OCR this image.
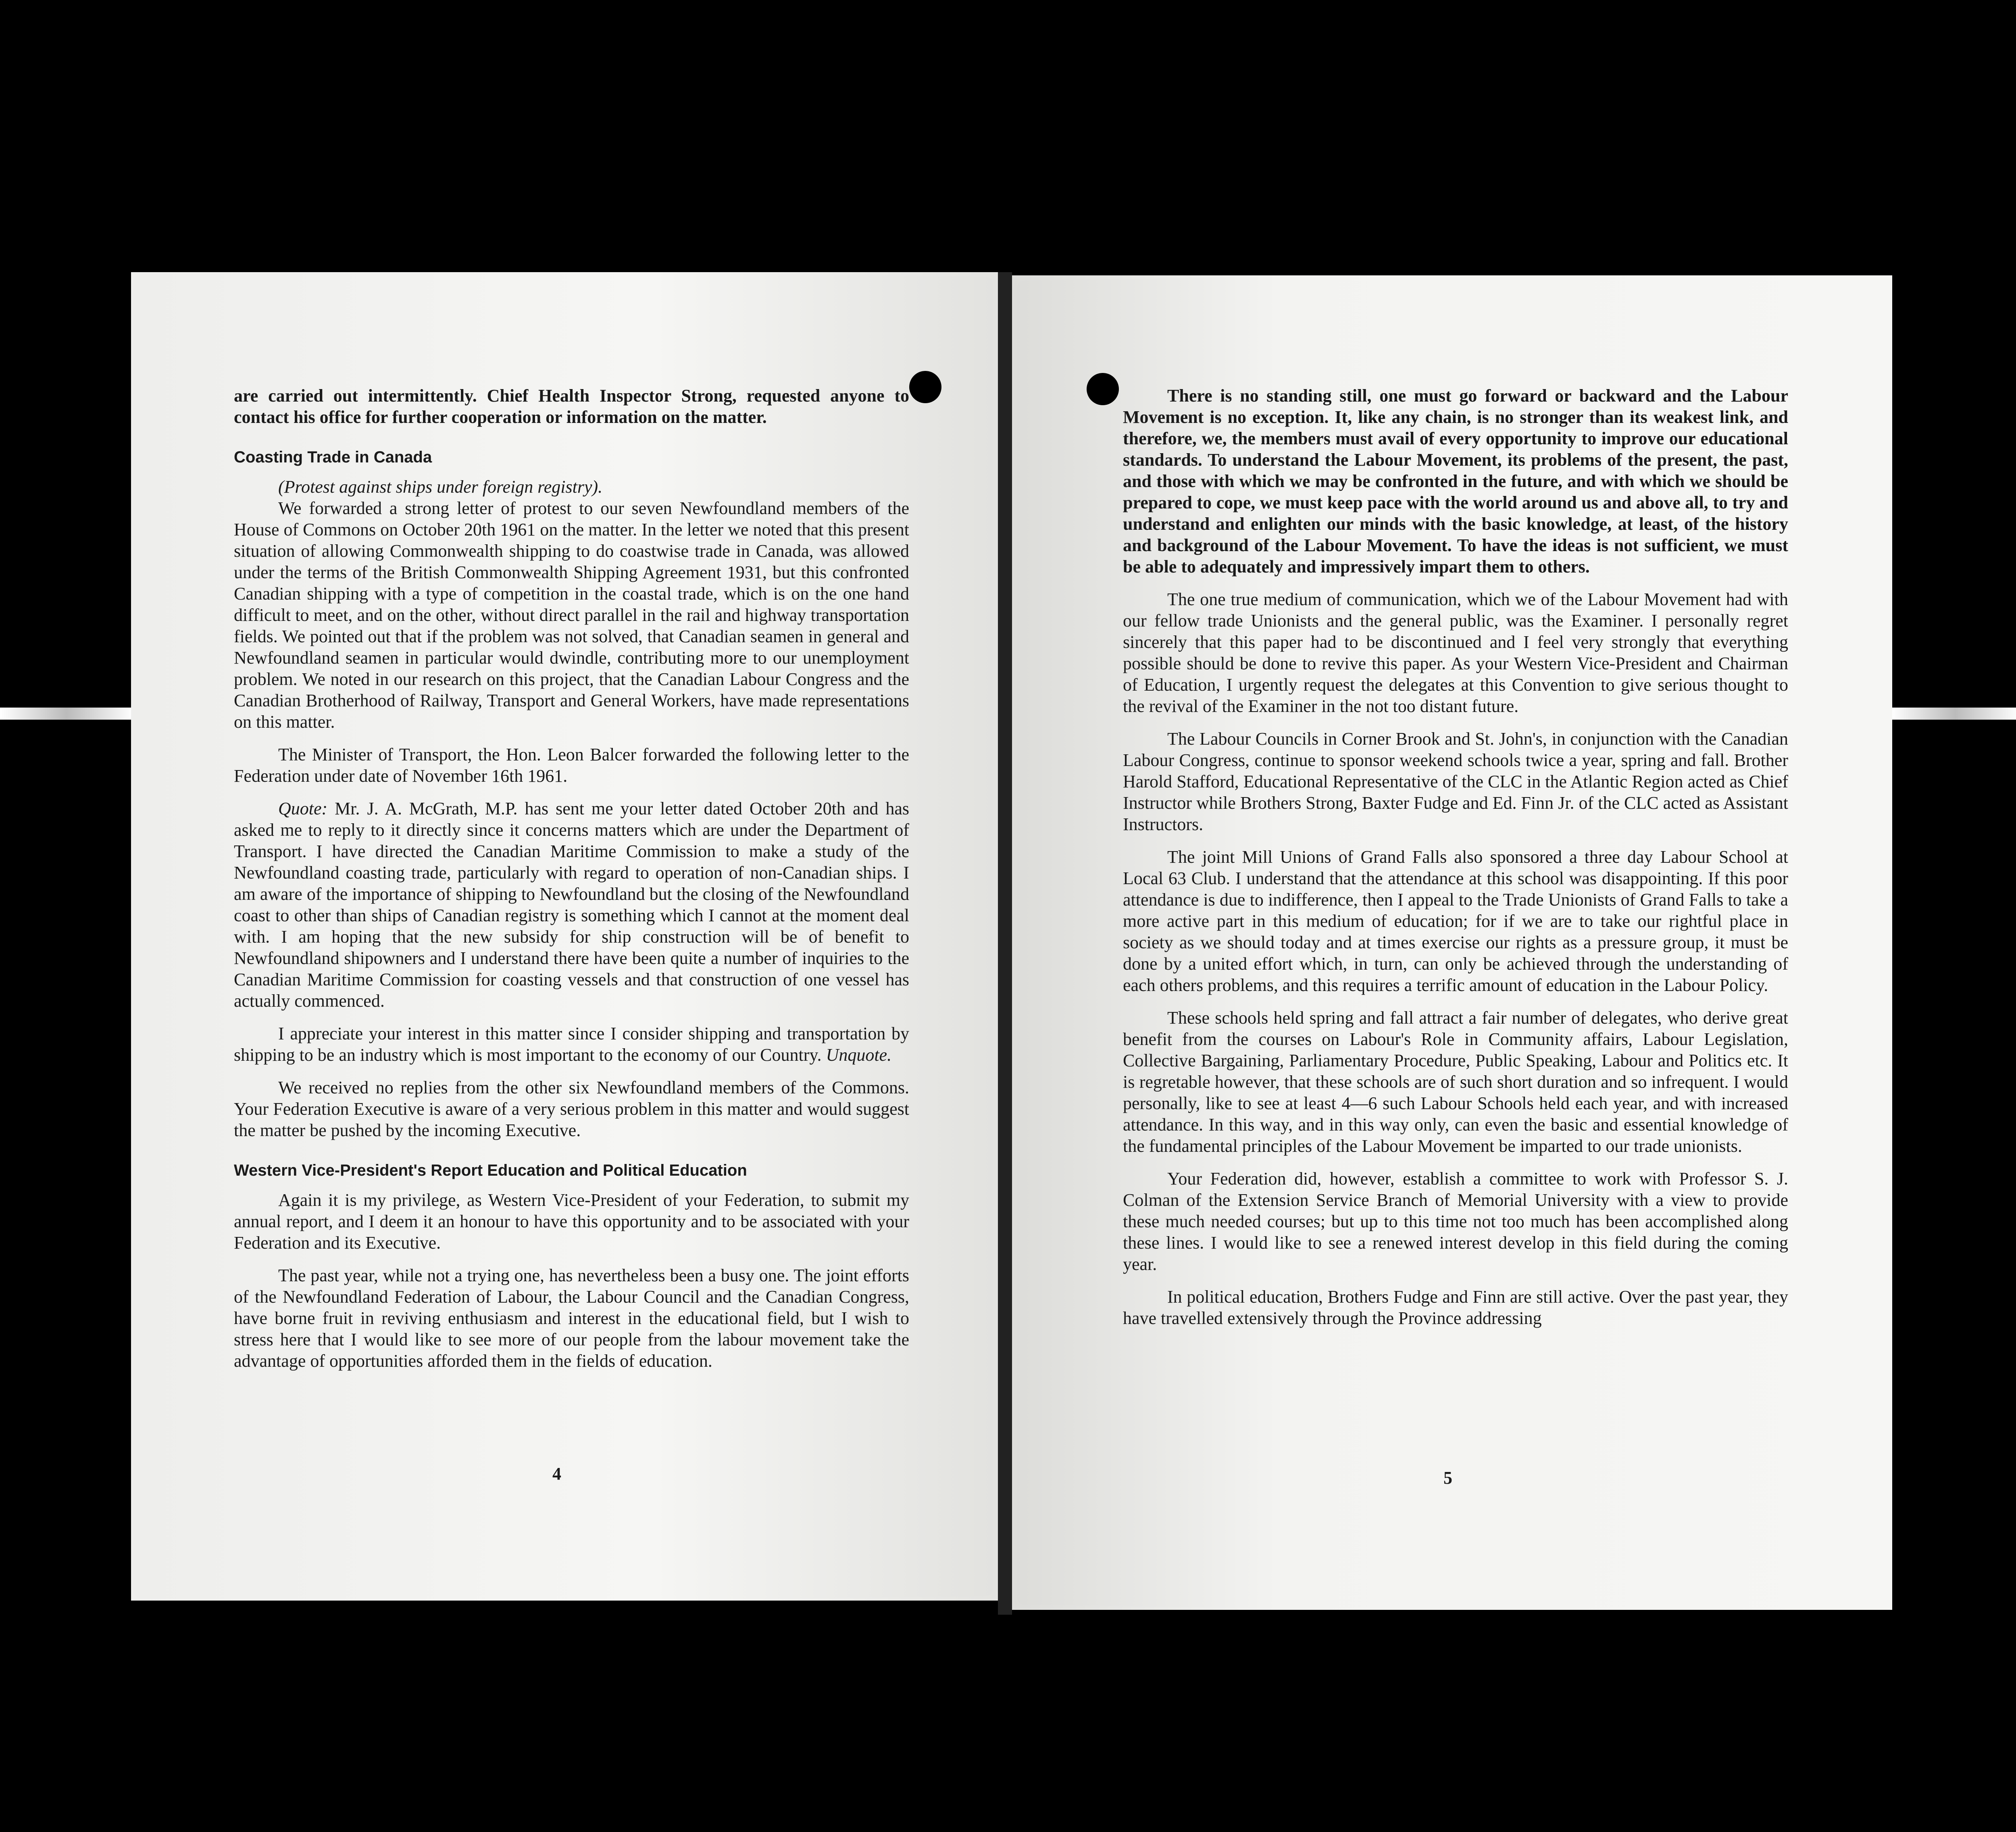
are carried out intermittently. Chief Health Inspector Strong, requested anyone to contact his office for further cooperation or information on the matter.

Coasting Trade in Canada

(Protest against ships under foreign registry).

We forwarded a strong letter of protest to our seven Newfoundland members of the House of Commons on October 20th 1961 on the matter. In the letter we noted that this present situation of allowing Commonwealth shipping to do coastwise trade in Canada, was allowed under the terms of the British Commonwealth Shipping Agreement 1931, but this confronted Canadian shipping with a type of competition in the coastal trade, which is on the one hand difficult to meet, and on the other, without direct parallel in the rail and highway transportation fields. We pointed out that if the problem was not solved, that Canadian seamen in general and Newfoundland seamen in particular would dwindle, contributing more to our unemployment problem. We noted in our research on this project, that the Canadian Labour Congress and the Canadian Brotherhood of Railway, Transport and General Workers, have made representations on this matter.

The Minister of Transport, the Hon. Leon Balcer forwarded the following letter to the Federation under date of November 16th 1961.

Quote: Mr. J. A. McGrath, M.P. has sent me your letter dated October 20th and has asked me to reply to it directly since it concerns matters which are under the Department of Transport. I have directed the Canadian Maritime Commission to make a study of the Newfoundland coasting trade, particularly with regard to operation of non-Canadian ships. I am aware of the importance of shipping to Newfoundland but the closing of the Newfoundland coast to other than ships of Canadian registry is something which I cannot at the moment deal with. I am hoping that the new subsidy for ship construction will be of benefit to Newfoundland shipowners and I understand there have been quite a number of inquiries to the Canadian Maritime Commission for coasting vessels and that construction of one vessel has actually commenced.

I appreciate your interest in this matter since I consider shipping and transportation by shipping to be an industry which is most important to the economy of our Country. Unquote.

We received no replies from the other six Newfoundland members of the Commons. Your Federation Executive is aware of a very serious problem in this matter and would suggest the matter be pushed by the incoming Executive.

Western Vice-President's Report Education and Political Education

Again it is my privilege, as Western Vice-President of your Federation, to submit my annual report, and I deem it an honour to have this opportunity and to be associated with your Federation and its Executive.

The past year, while not a trying one, has nevertheless been a busy one. The joint efforts of the Newfoundland Federation of Labour, the Labour Council and the Canadian Congress, have borne fruit in reviving enthusiasm and interest in the educational field, but I wish to stress here that I would like to see more of our people from the labour movement take the advantage of opportunities afforded them in the fields of education.

4

There is no standing still, one must go forward or backward and the Labour Movement is no exception. It, like any chain, is no stronger than its weakest link, and therefore, we, the members must avail of every opportunity to improve our educational standards. To understand the Labour Movement, its problems of the present, the past, and those with which we may be confronted in the future, and with which we should be prepared to cope, we must keep pace with the world around us and above all, to try and understand and enlighten our minds with the basic knowledge, at least, of the history and background of the Labour Movement. To have the ideas is not sufficient, we must be able to adequately and impressively impart them to others.

The one true medium of communication, which we of the Labour Movement had with our fellow trade Unionists and the general public, was the Examiner. I personally regret sincerely that this paper had to be discontinued and I feel very strongly that everything possible should be done to revive this paper. As your Western Vice-President and Chairman of Education, I urgently request the delegates at this Convention to give serious thought to the revival of the Examiner in the not too distant future.

The Labour Councils in Corner Brook and St. John's, in conjunction with the Canadian Labour Congress, continue to sponsor weekend schools twice a year, spring and fall. Brother Harold Stafford, Educational Representative of the CLC in the Atlantic Region acted as Chief Instructor while Brothers Strong, Baxter Fudge and Ed. Finn Jr. of the CLC acted as Assistant Instructors.

The joint Mill Unions of Grand Falls also sponsored a three day Labour School at Local 63 Club. I understand that the attendance at this school was disappointing. If this poor attendance is due to indifference, then I appeal to the Trade Unionists of Grand Falls to take a more active part in this medium of education; for if we are to take our rightful place in society as we should today and at times exercise our rights as a pressure group, it must be done by a united effort which, in turn, can only be achieved through the understanding of each others problems, and this requires a terrific amount of education in the Labour Policy.

These schools held spring and fall attract a fair number of delegates, who derive great benefit from the courses on Labour's Role in Community affairs, Labour Legislation, Collective Bargaining, Parliamentary Procedure, Public Speaking, Labour and Politics etc. It is regretable however, that these schools are of such short duration and so infrequent. I would personally, like to see at least 4—6 such Labour Schools held each year, and with increased attendance. In this way, and in this way only, can even the basic and essential knowledge of the fundamental principles of the Labour Movement be imparted to our trade unionists.

Your Federation did, however, establish a committee to work with Professor S. J. Colman of the Extension Service Branch of Memorial University with a view to provide these much needed courses; but up to this time not too much has been accomplished along these lines. I would like to see a renewed interest develop in this field during the coming year.

In political education, Brothers Fudge and Finn are still active. Over the past year, they have travelled extensively through the Province addressing

5
